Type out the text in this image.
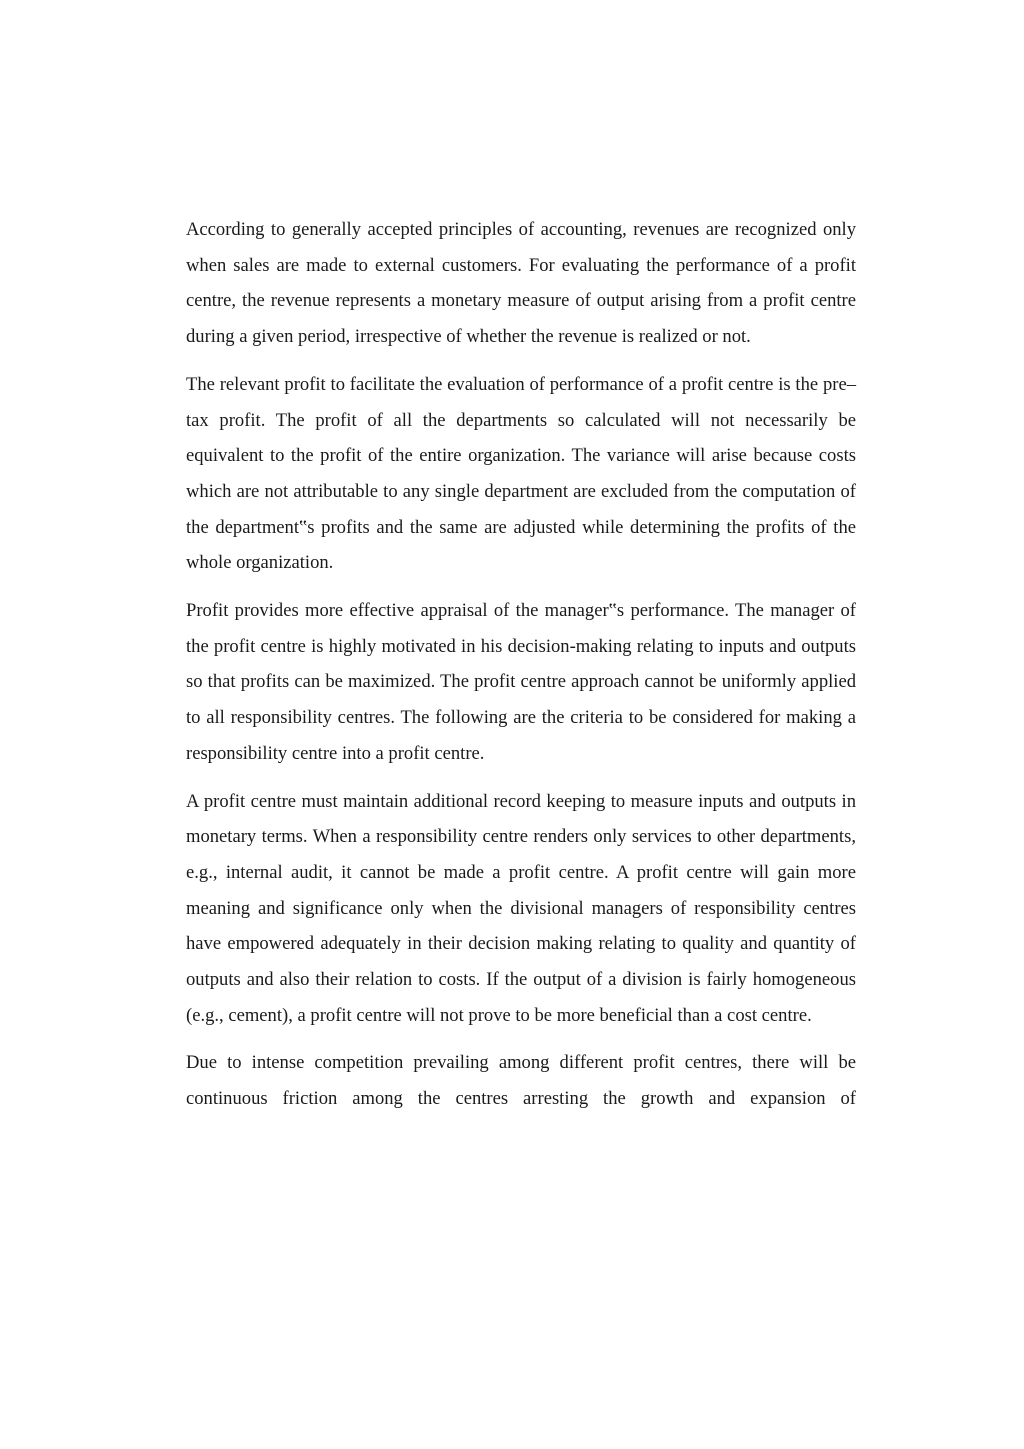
According to generally accepted principles of accounting, revenues are recognized only when sales are made to external customers. For evaluating the performance of a profit centre, the revenue represents a monetary measure of output arising from a profit centre during a given period, irrespective of whether the revenue is realized or not.

The relevant profit to facilitate the evaluation of performance of a profit centre is the pre–tax profit. The profit of all the departments so calculated will not necessarily be equivalent to the profit of the entire organization. The variance will arise because costs which are not attributable to any single department are excluded from the computation of the department‟s profits and the same are adjusted while determining the profits of the whole organization.

Profit provides more effective appraisal of the manager‟s performance. The manager of the profit centre is highly motivated in his decision-making relating to inputs and outputs so that profits can be maximized. The profit centre approach cannot be uniformly applied to all responsibility centres. The following are the criteria to be considered for making a responsibility centre into a profit centre.

A profit centre must maintain additional record keeping to measure inputs and outputs in monetary terms. When a responsibility centre renders only services to other departments, e.g., internal audit, it cannot be made a profit centre. A profit centre will gain more meaning and significance only when the divisional managers of responsibility centres have empowered adequately in their decision making relating to quality and quantity of outputs and also their relation to costs. If the output of a division is fairly homogeneous (e.g., cement), a profit centre will not prove to be more beneficial than a cost centre.

Due to intense competition prevailing among different profit centres, there will be continuous friction among the centres arresting the growth and expansion of
